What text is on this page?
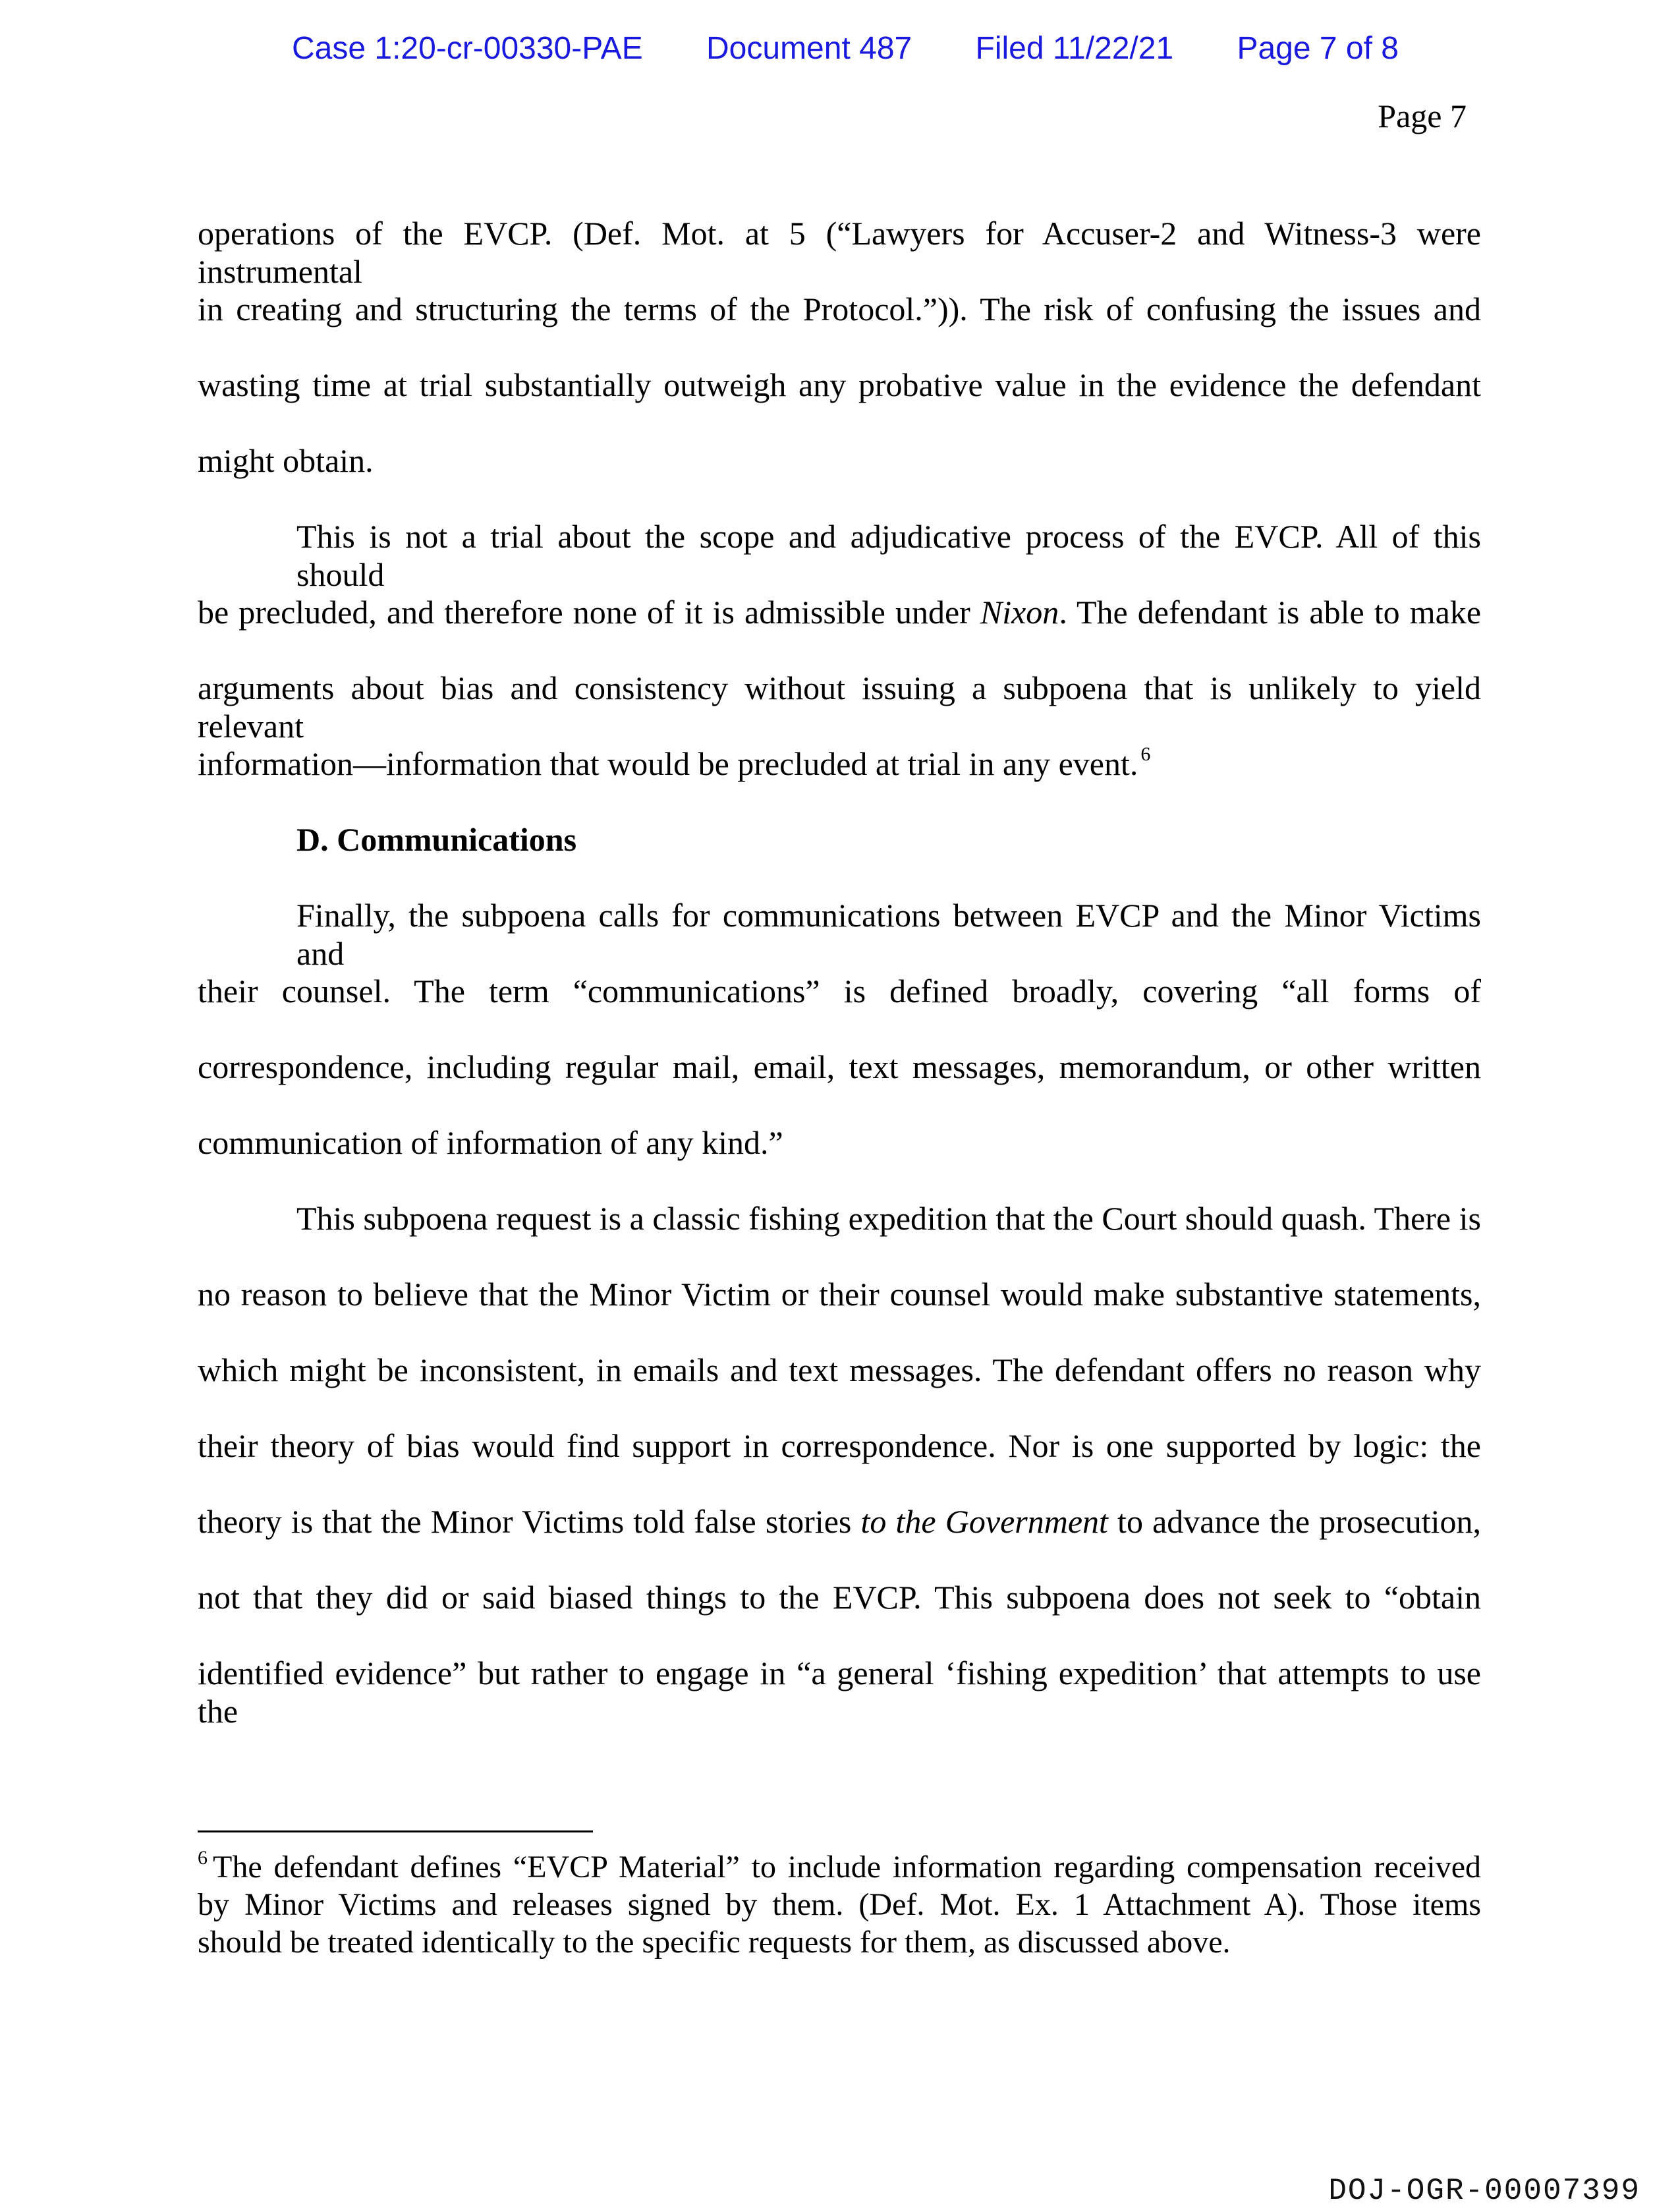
Case 1:20-cr-00330-PAE Document 487 Filed 11/22/21 Page 7 of 8
Page 7
operations of the EVCP. (Def. Mot. at 5 (“Lawyers for Accuser-2 and Witness-3 were instrumental
in creating and structuring the terms of the Protocol.”)). The risk of confusing the issues and
wasting time at trial substantially outweigh any probative value in the evidence the defendant
might obtain.
This is not a trial about the scope and adjudicative process of the EVCP. All of this should
be precluded, and therefore none of it is admissible under Nixon. The defendant is able to make
arguments about bias and consistency without issuing a subpoena that is unlikely to yield relevant
information—information that would be precluded at trial in any event. $^6$
D. Communications
Finally, the subpoena calls for communications between EVCP and the Minor Victims and
their counsel. The term “communications” is defined broadly, covering “all forms of
correspondence, including regular mail, email, text messages, memorandum, or other written
communication of information of any kind.”
This subpoena request is a classic fishing expedition that the Court should quash. There is
no reason to believe that the Minor Victim or their counsel would make substantive statements,
which might be inconsistent, in emails and text messages. The defendant offers no reason why
their theory of bias would find support in correspondence. Nor is one supported by logic: the
theory is that the Minor Victims told false stories to the Government to advance the prosecution,
not that they did or said biased things to the EVCP. This subpoena does not seek to “obtain
identified evidence” but rather to engage in “a general ‘fishing expedition’ that attempts to use the
$^6$ The defendant defines “EVCP Material” to include information regarding compensation received
by Minor Victims and releases signed by them. (Def. Mot. Ex. 1 Attachment A). Those items
should be treated identically to the specific requests for them, as discussed above.
DOJ-OGR-00007399
